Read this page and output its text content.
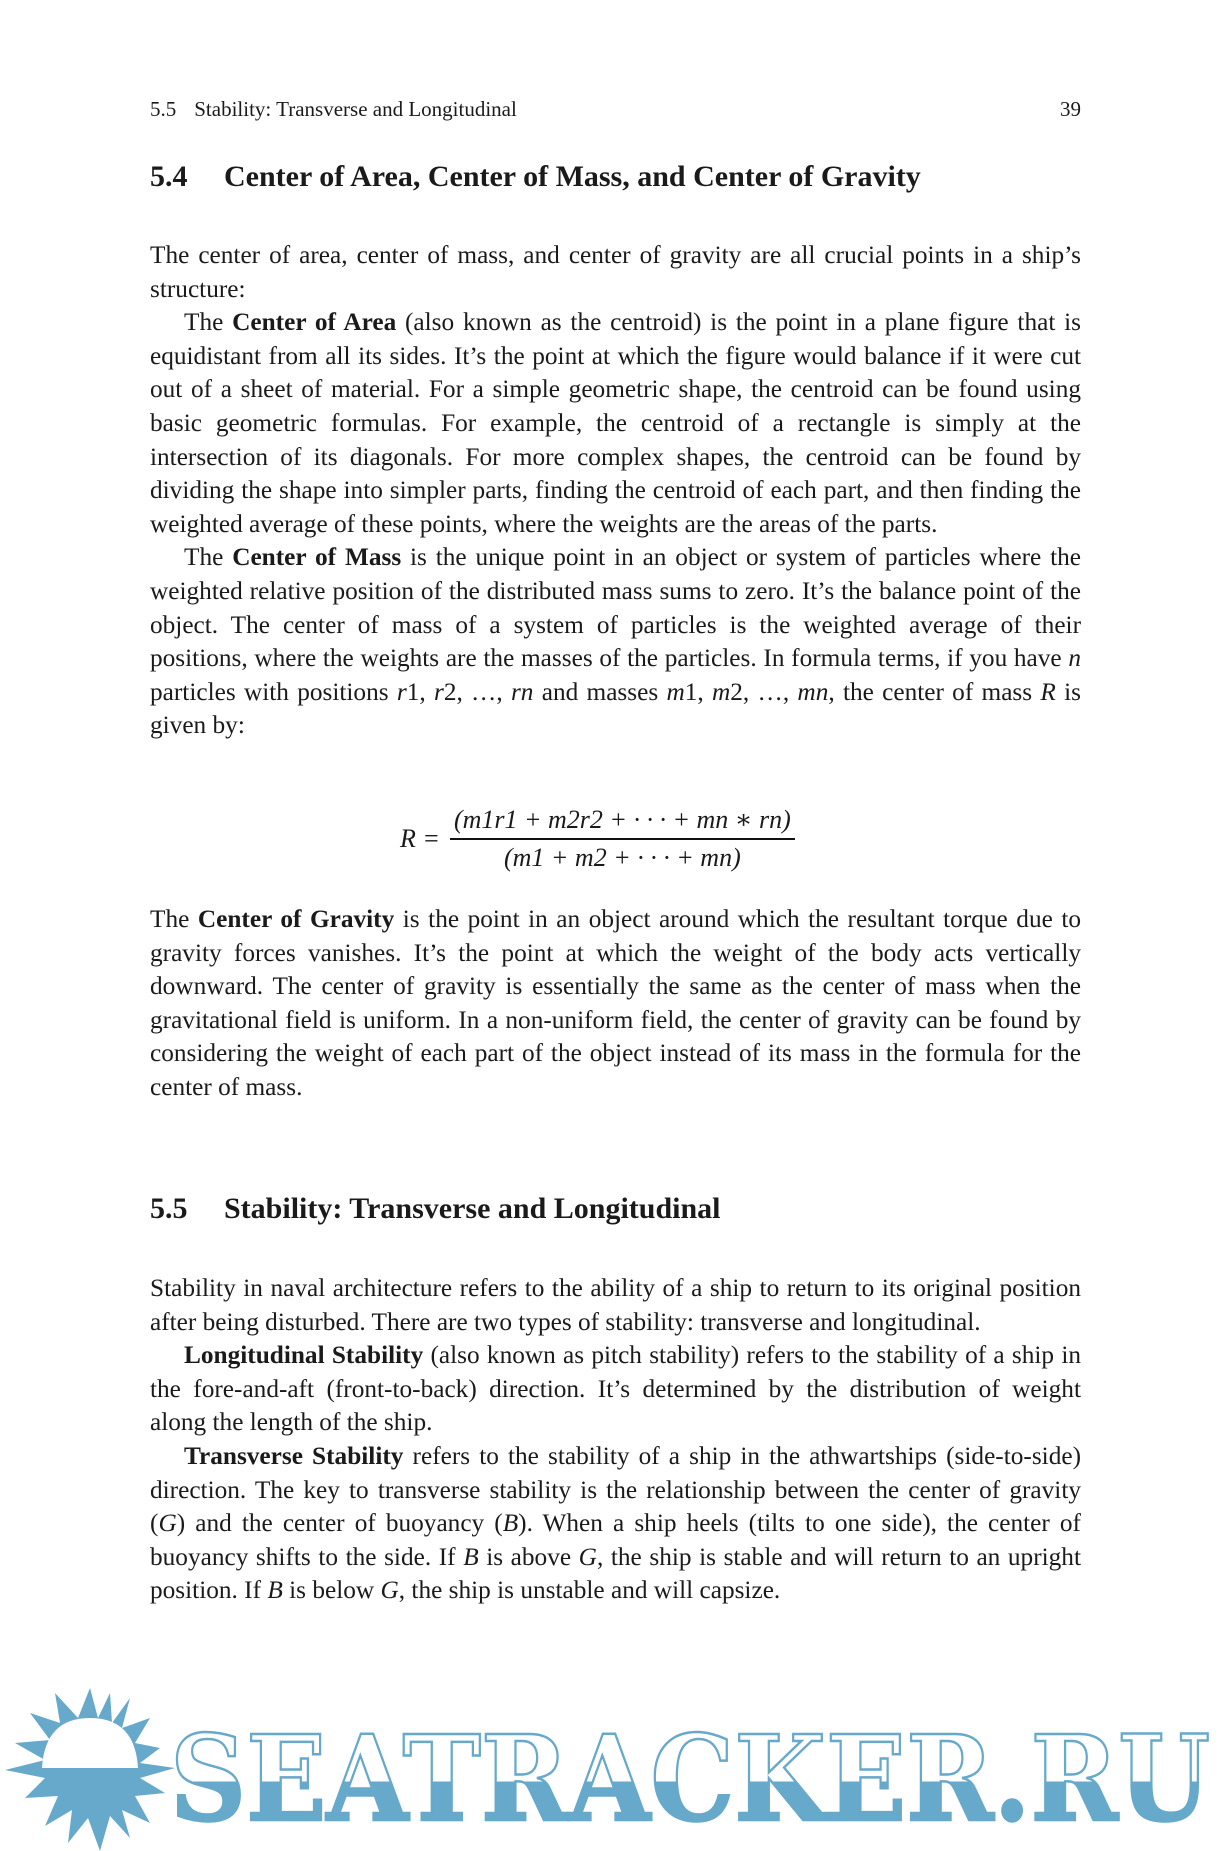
5.5 Stability: Transverse and Longitudinal	39
5.4 Center of Area, Center of Mass, and Center of Gravity

The center of area, center of mass, and center of gravity are all crucial points in a ship’s structure:

The Center of Area (also known as the centroid) is the point in a plane figure that is equidistant from all its sides. It’s the point at which the figure would balance if it were cut out of a sheet of material. For a simple geometric shape, the centroid can be found using basic geometric formulas. For example, the centroid of a rectangle is simply at the intersection of its diagonals. For more complex shapes, the centroid can be found by dividing the shape into simpler parts, finding the centroid of each part, and then finding the weighted average of these points, where the weights are the areas of the parts.

The Center of Mass is the unique point in an object or system of particles where the weighted relative position of the distributed mass sums to zero. It’s the balance point of the object. The center of mass of a system of particles is the weighted average of their positions, where the weights are the masses of the particles. In formula terms, if you have n particles with positions r1, r2, …, rn and masses m1, m2, …, mn, the center of mass R is given by:

$R = \frac{(m1r1 + m2r2 + \cdot \cdot \cdot + mn ∗ rn)}{(m1 + m2 + \cdot \cdot \cdot + mn)}$

The Center of Gravity is the point in an object around which the resultant torque due to gravity forces vanishes. It’s the point at which the weight of the body acts vertically downward. The center of gravity is essentially the same as the center of mass when the gravitational field is uniform. In a non-uniform field, the center of gravity can be found by considering the weight of each part of the object instead of its mass in the formula for the center of mass.

5.5 Stability: Transverse and Longitudinal

Stability in naval architecture refers to the ability of a ship to return to its original position after being disturbed. There are two types of stability: transverse and longitudinal.

Longitudinal Stability (also known as pitch stability) refers to the stability of a ship in the fore-and-aft (front-to-back) direction. It’s determined by the distribution of weight along the length of the ship.

Transverse Stability refers to the stability of a ship in the athwartships (side-to-side) direction. The key to transverse stability is the relationship between the center of gravity (G) and the center of buoyancy (B). When a ship heels (tilts to one side), the center of buoyancy shifts to the side. If B is above G, the ship is stable and will return to an upright position. If B is below G, the ship is unstable and will capsize.

SEATRACKER.RU
